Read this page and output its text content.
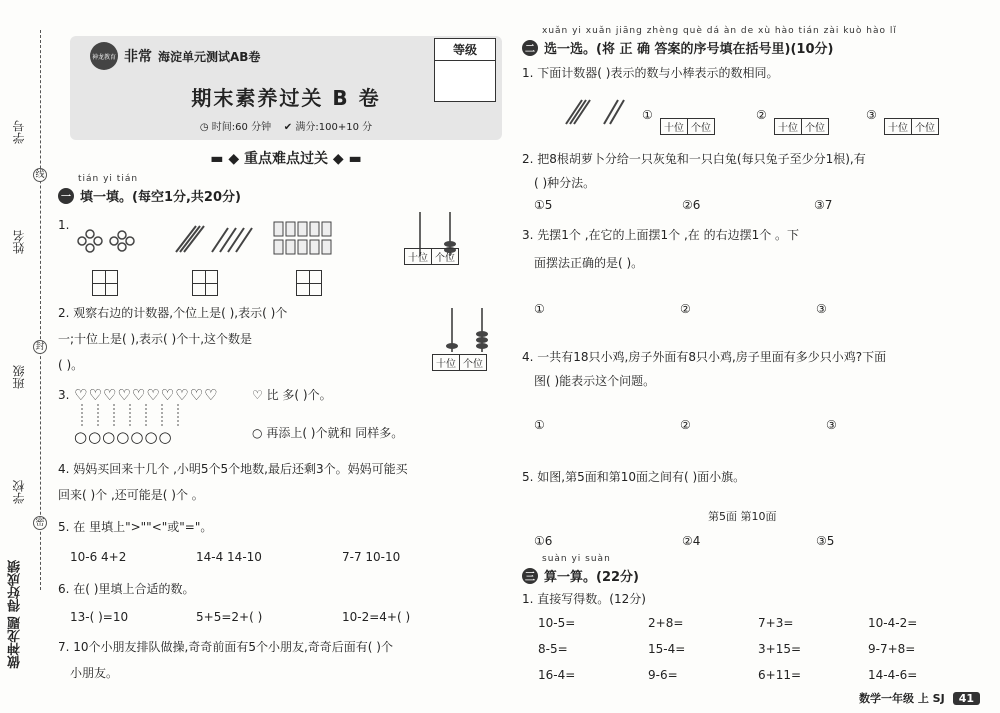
学号
姓名
班级
学校
线
封
密
做神龙题 得好成绩
神龙教育 非常 海淀单元测试AB卷	等级
期末素养过关 B 卷
◷ 时间:60 分钟 ✔ 满分:100+10 分
▬ ◆ 重点难点过关 ◆ ▬
tián yi tián
一 填一填。(每空1分,共20分)
1.
十位 个位
2. 观察右边的计数器,个位上是( ),表示( )个
一;十位上是( ),表示( )个十,这个数是
( )。	十位 个位
3. ♡♡♡♡♡♡♡♡♡♡
○○○○○○○
♡ 比 多( )个。
○ 再添上( )个就和 同样多。
4. 妈妈买回来十几个 ,小明5个5个地数,最后还剩3个。妈妈可能买
回来( )个 ,还可能是( )个 。
5. 在 里填上">""<"或"="。
10-6 4+2	14-4 14-10	7-7 10-10
6. 在( )里填上合适的数。
13-( )=10	5+5=2+( )	10-2=4+( )
7. 10个小朋友排队做操,奇奇前面有5个小朋友,奇奇后面有( )个
小朋友。
xuǎn yi xuǎn jiāng zhèng què dá àn de xù hào tián zài kuò hào lǐ
二 选一选。(将 正 确 答案的序号填在括号里)(10分)
1. 下面计数器( )表示的数与小棒表示的数相同。
①
十位 个位
②
十位 个位
③
十位 个位
2. 把8根胡萝卜分给一只灰兔和一只白兔(每只兔子至少分1根),有
( )种分法。
①5	②6	③7
3. 先摆1个 ,在它的上面摆1个 ,在 的右边摆1个 。下
面摆法正确的是( )。
①	②	③
4. 一共有18只小鸡,房子外面有8只小鸡,房子里面有多少只小鸡?下面
图( )能表示这个问题。
①	②	③
5. 如图,第5面和第10面之间有( )面小旗。
第5面 第10面
①6	②4	③5
suàn yi suàn
三 算一算。(22分)
1. 直接写得数。(12分)
10-5=	2+8=	7+3=	10-4-2=
8-5=	15-4=	3+15=	9-7+8=
16-4=	9-6=	6+11=	14-4-6=
数学一年级 上 SJ	41
